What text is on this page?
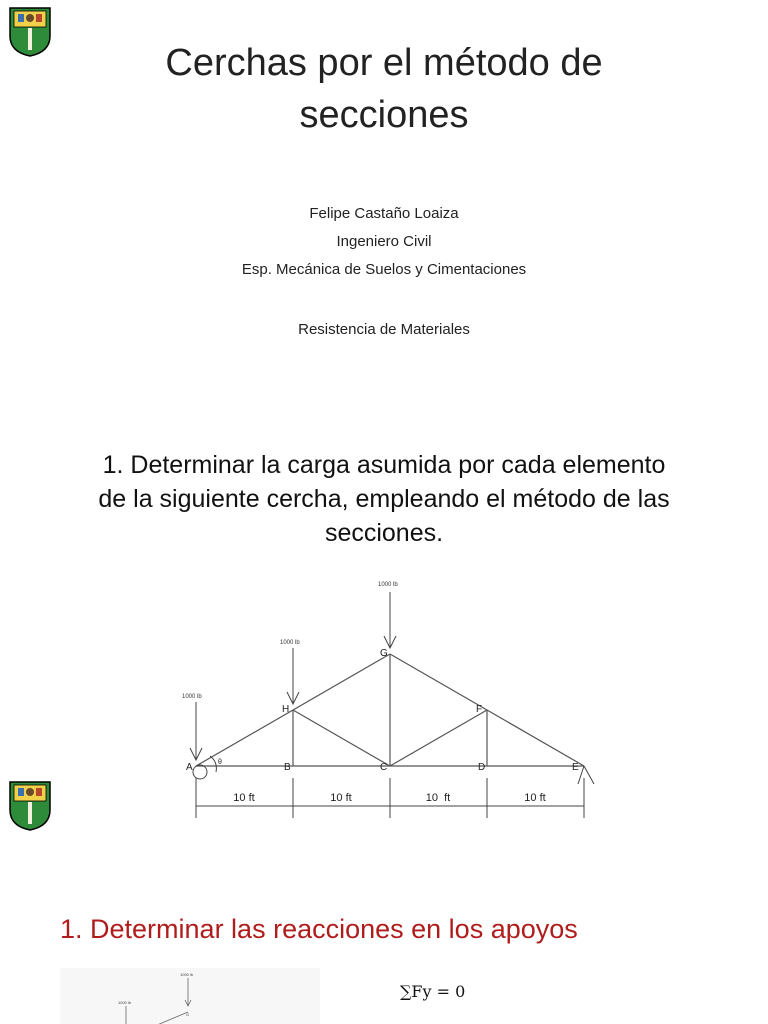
Cerchas por el método de
secciones
Felipe Castaño Loaiza
Ingeniero Civil
Esp. Mecánica de Suelos y Cimentaciones
Resistencia de Materiales
1. Determinar la carga asumida por cada elemento
de la siguiente cercha, empleando el método de las
secciones.
1000 lb
1000 lb
1000 lb
A	B	C	D	E
F
G
H
θ
10 ft	10 ft	10  ft	10 ft
1. Determinar las reacciones en los apoyos
1000 lb
1000 lb
G
∑Fy = 0
